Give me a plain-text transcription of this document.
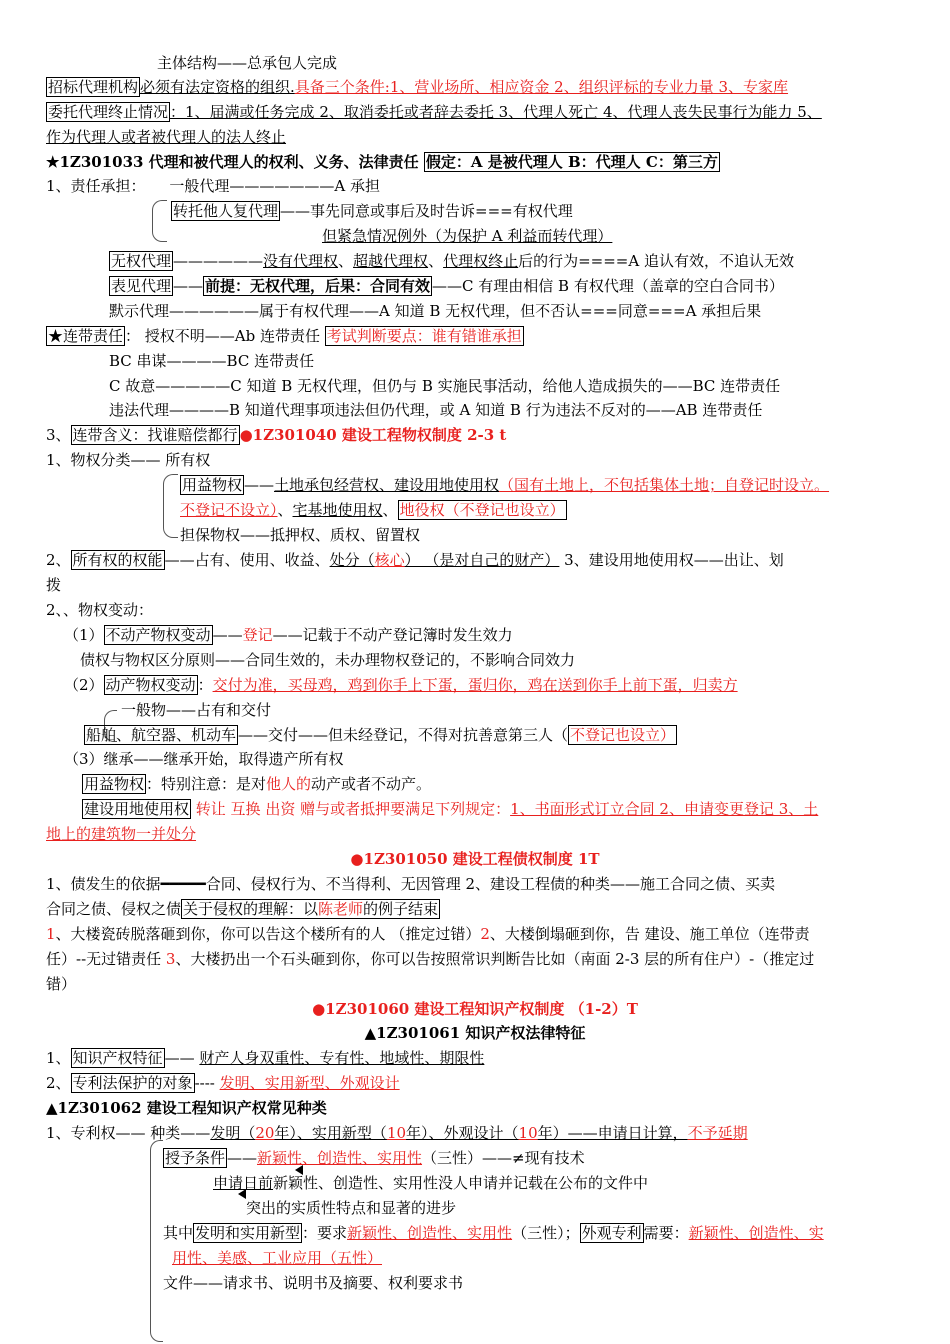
主体结构——总承包人完成
招标代理机构 必须有法定资格的组织.具备三个条件:1、营业场所、相应资金 2、组织评标的专业力量 3、专家库
委托代理终止情况 ：1、届满或任务完成 2、取消委托或者辞去委托 3、代理人死亡 4、代理人丧失民事行为能力 5、
作为代理人或者被代理人的法人终止
★1Z301033 代理和被代理人的权利、义务、法律责任 假定：A 是被代理人 B：代理人 C：第三方
1、责任承担： 一般代理———————A 承担
转托他人复代理 ——事先同意或事后及时告诉===有权代理
但紧急情况例外（为保护 A 利益而转代理）
无权代理 ——————没有代理权、超越代理权、代理权终止后的行为====A 追认有效，不追认无效
表见代理 —— 前提：无权代理，后果：合同有效 ——C 有理由相信 B 有权代理（盖章的空白合同书）
默示代理——————属于有权代理——A 知道 B 无权代理，但不否认===同意===A 承担后果
★连带责任 ： 授权不明——Ab 连带责任 考试判断要点：谁有错谁承担
BC 串谋————BC 连带责任
C 故意—————C 知道 B 无权代理，但仍与 B 实施民事活动，给他人造成损失的——BC 连带责任
违法代理————B 知道代理事项违法但仍代理，或 A 知道 B 行为违法不反对的——AB 连带责任
3、 连带含义：找谁赔偿都行 ●1Z301040 建设工程物权制度 2-3 t
1、物权分类—— 所有权
用益物权 ——土地承包经营权、建设用地使用权（国有土地上，不包括集体土地；自登记时设立。
不登记不设立）、宅基地使用权、 地役权（不登记也设立）
担保物权——抵押权、质权、留置权
2、 所有权的权能 ——占有、使用、收益、处分（核心） （是对自己的财产） 3、建设用地使用权——出让、划
拨
2、、物权变动：
（1） 不动产物权变动 ——登记——记载于不动产登记簿时发生效力
债权与物权区分原则——合同生效的，未办理物权登记的，不影响合同效力
（2） 动产物权变动 ：交付为准，买母鸡，鸡到你手上下蛋，蛋归你，鸡在送到你手上前下蛋，归卖方
一般物——占有和交付
船舶、航空器、机动车 ——交付——但未经登记，不得对抗善意第三人（ 不登记也设立）
（3）继承——继承开始，取得遗产所有权
用益物权 ：特别注意：是对他人的动产或者不动产。
建设用地使用权 转让 互换 出资 赠与或者抵押要满足下列规定：1、书面形式订立合同 2、申请变更登记 3、土
地上的建筑物一并处分
●1Z301050 建设工程债权制度 1T
1、债发生的依据━━━━━合同、侵权行为、不当得利、无因管理 2、建设工程债的种类——施工合同之债、买卖
合同之债、侵权之债 关于侵权的理解：以陈老师的例子结束
1、大楼瓷砖脱落砸到你，你可以告这个楼所有的人 （推定过错）2、大楼倒塌砸到你，告 建设、施工单位（连带责
任）--无过错责任 3、大楼扔出一个石头砸到你，你可以告按照常识判断告比如（南面 2-3 层的所有住户）-（推定过
错）
●1Z301060 建设工程知识产权制度 （1-2）T
▲1Z301061 知识产权法律特征
1、 知识产权特征 —— 财产人身双重性、专有性、地域性、期限性
2、 专利法保护的对象 ---- 发明、实用新型、外观设计
▲1Z301062 建设工程知识产权常见种类
1、专利权—— 种类——发明（20年）、实用新型（10年）、外观设计（10年）——申请日计算，不予延期
授予条件 ——新颖性、创造性、实用性（三性）——≠现有技术
申请日前新颖性、创造性、实用性没人申请并记载在公布的文件中
突出的实质性特点和显著的进步
其中 发明和实用新型 ：要求新颖性、创造性、实用性（三性）； 外观专利 需要：新颖性、创造性、实
用性、美感、工业应用（五性）
文件——请求书、说明书及摘要、权利要求书
